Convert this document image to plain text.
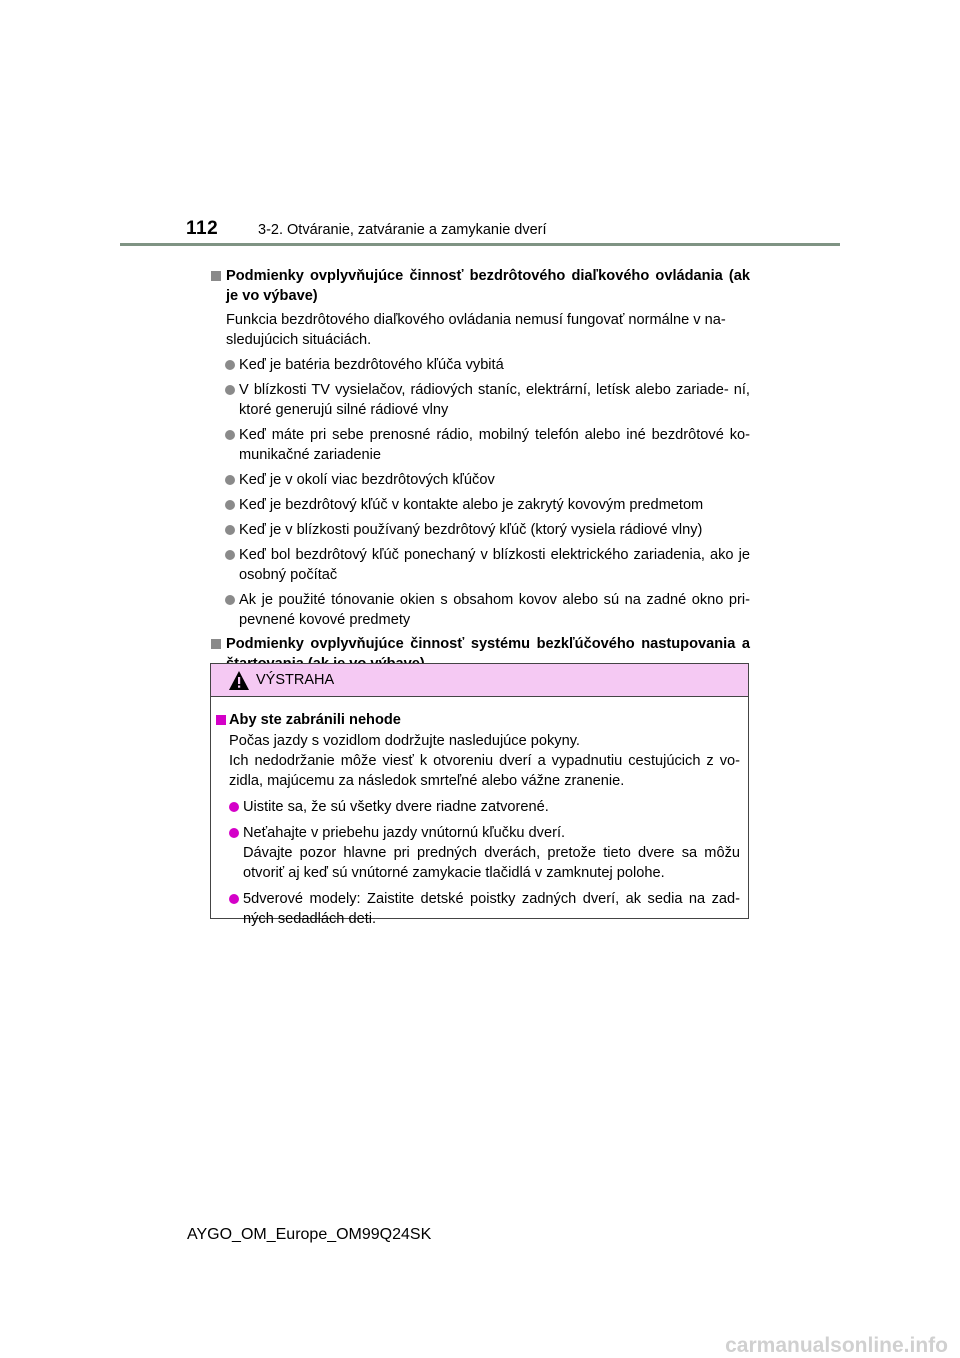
112	3-2. Otváranie, zatváranie a zamykanie dverí
Podmienky ovplyvňujúce činnosť bezdrôtového diaľkového ovládania (ak je vo výbave)
Funkcia bezdrôtového diaľkového ovládania nemusí fungovať normálne v na- sledujúcich situáciách.
Keď je batéria bezdrôtového kľúča vybitá
V blízkosti TV vysielačov, rádiových staníc, elektrární, letísk alebo zariade- ní, ktoré generujú silné rádiové vlny
Keď máte pri sebe prenosné rádio, mobilný telefón alebo iné bezdrôtové ko- munikačné zariadenie
Keď je v okolí viac bezdrôtových kľúčov
Keď je bezdrôtový kľúč v kontakte alebo je zakrytý kovovým predmetom
Keď je v blízkosti používaný bezdrôtový kľúč (ktorý vysiela rádiové vlny)
Keď bol bezdrôtový kľúč ponechaný v blízkosti elektrického zariadenia, ako je osobný počítač
Ak je použité tónovanie okien s obsahom kovov alebo sú na zadné okno pri- pevnené kovové predmety
Podmienky ovplyvňujúce činnosť systému bezkľúčového nastupovania a
VÝSTRAHA
Aby ste zabránili nehode
Počas jazdy s vozidlom dodržujte nasledujúce pokyny.
Ich nedodržanie môže viesť k otvoreniu dverí a vypadnutiu cestujúcich z vo- zidla, majúcemu za následok smrteľné alebo vážne zranenie.
Uistite sa, že sú všetky dvere riadne zatvorené.
Neťahajte v priebehu jazdy vnútornú kľučku dverí.
Dávajte pozor hlavne pri predných dverách, pretože tieto dvere sa môžu otvoriť aj keď sú vnútorné zamykacie tlačidlá v zamknutej polohe.
5dverové modely: Zaistite detské poistky zadných dverí, ak sedia na zad- ných sedadlách deti.
AYGO_OM_Europe_OM99Q24SK
carmanualsonline.info
